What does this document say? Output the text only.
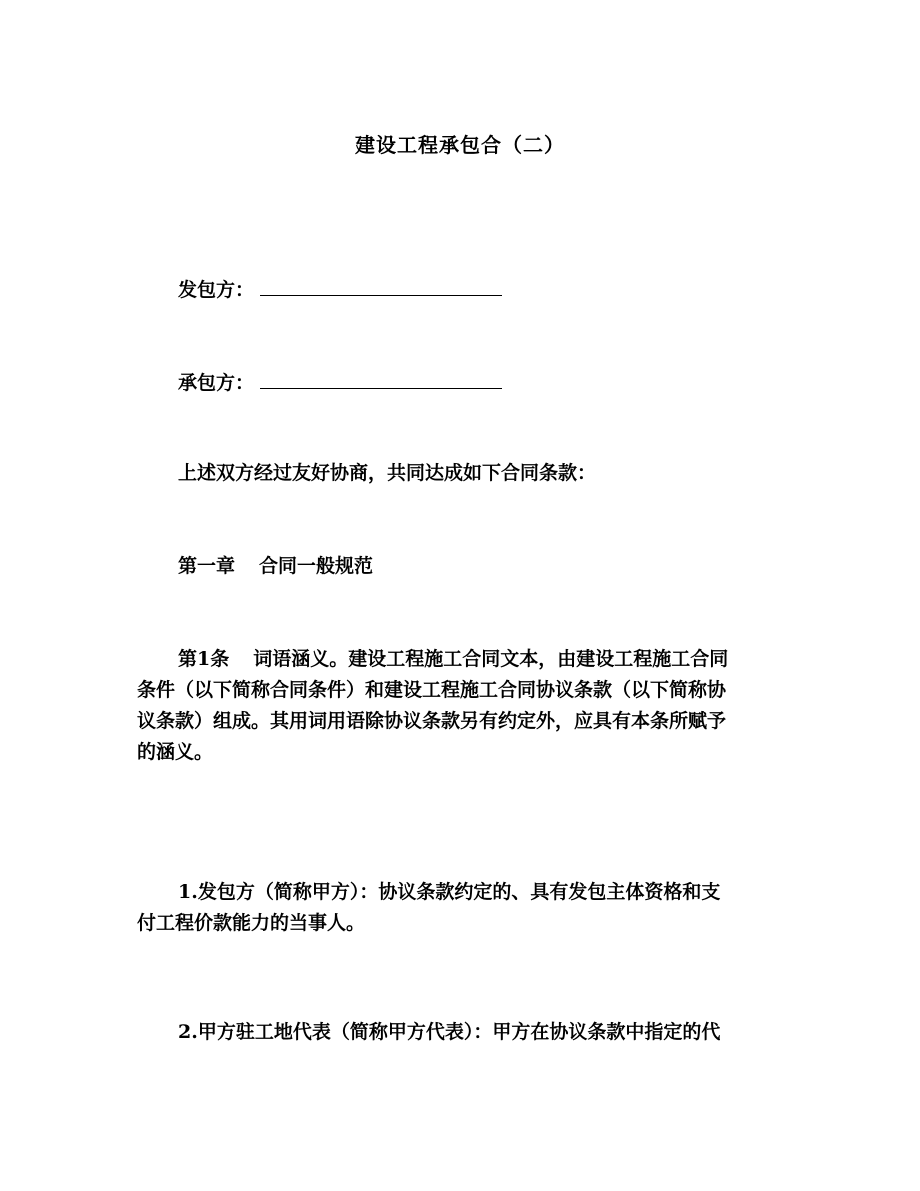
建设工程承包合（二）
发包方：
承包方：
上述双方经过友好协商，共同达成如下合同条款：
第一章 合同一般规范
第1条 词语涵义。建设工程施工合同文本，由建设工程施工合同
条件（以下简称合同条件）和建设工程施工合同协议条款（以下简称协
议条款）组成。其用词用语除协议条款另有约定外，应具有本条所赋予
的涵义。
1.发包方（简称甲方）：协议条款约定的、具有发包主体资格和支
付工程价款能力的当事人。
2.甲方驻工地代表（简称甲方代表）：甲方在协议条款中指定的代
